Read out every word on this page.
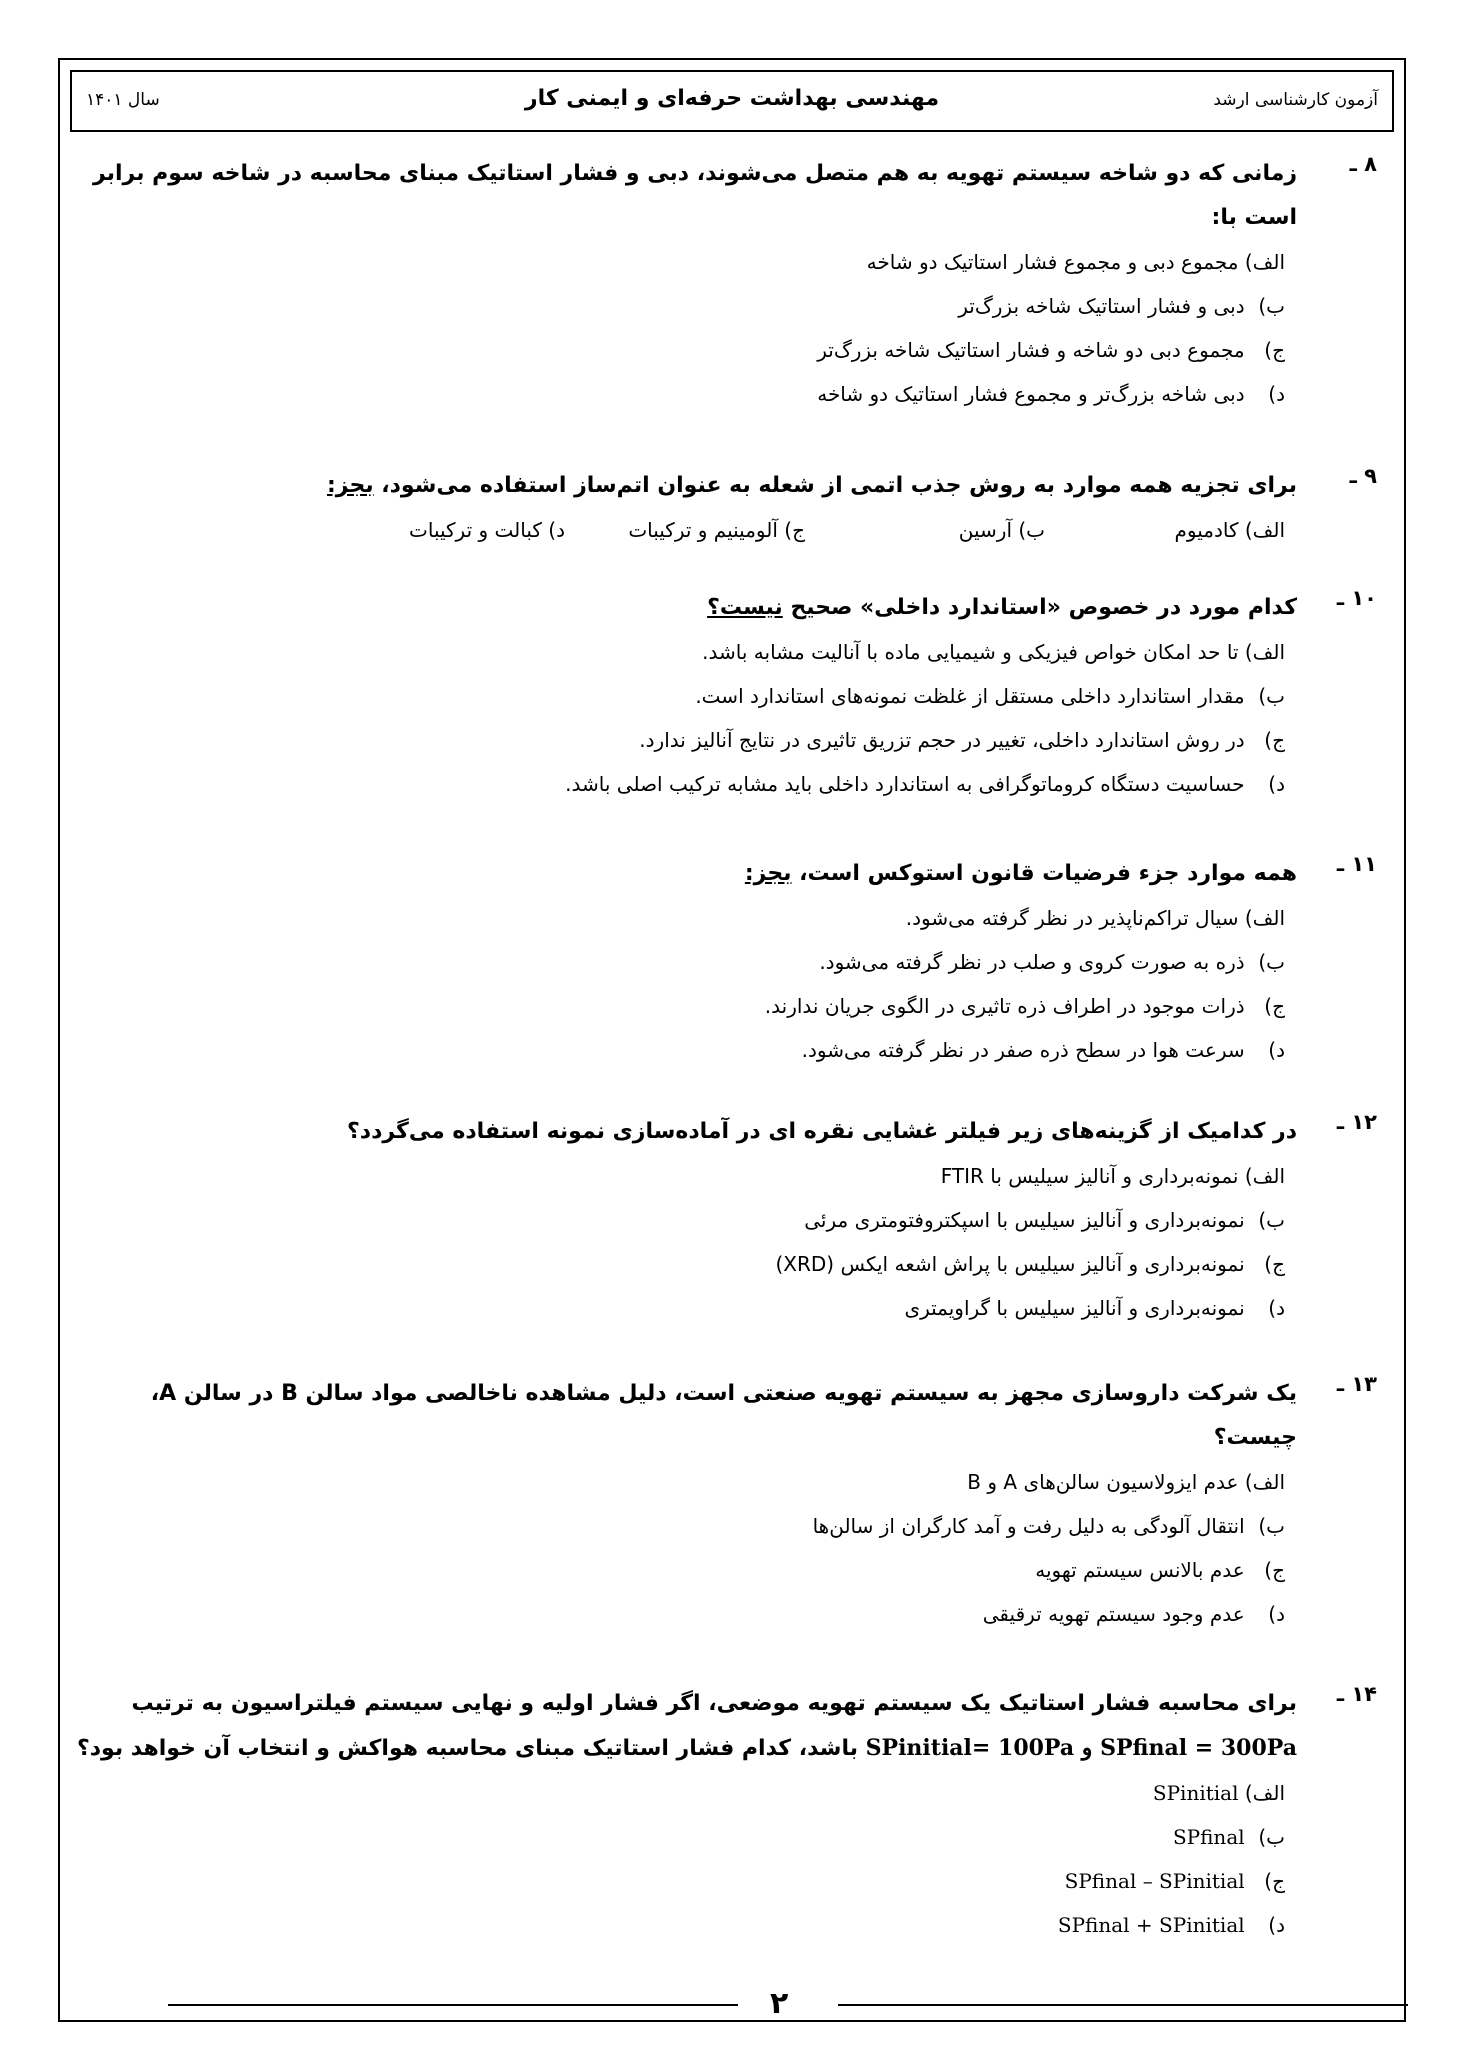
آزمون کارشناسی ارشد
مهندسی بهداشت حرفه‌ای و ایمنی کار
سال ۱۴۰۱
۸ ـ
زمانی که دو شاخه سیستم تهویه به هم متصل می‌شوند، دبی و فشار استاتیک مبنای محاسبه در شاخه سوم برابر است با:
الف) مجموع دبی و مجموع فشار استاتیک دو شاخه
ب) دبی و فشار استاتیک شاخه بزرگ‌تر
ج) مجموع دبی دو شاخه و فشار استاتیک شاخه بزرگ‌تر
د) دبی شاخه بزرگ‌تر و مجموع فشار استاتیک دو شاخه
۹ ـ
برای تجزیه همه موارد به روش جذب اتمی از شعله به عنوان اتم‌ساز استفاده می‌شود، بجز:
الف) کادمیوم
ب) آرسین
ج) آلومینیم و ترکیبات
د) کبالت و ترکیبات
۱۰ ـ
کدام مورد در خصوص «استاندارد داخلی» صحیح نیست؟
الف) تا حد امکان خواص فیزیکی و شیمیایی ماده با آنالیت مشابه باشد.
ب) مقدار استاندارد داخلی مستقل از غلظت نمونه‌های استاندارد است.
ج) در روش استاندارد داخلی، تغییر در حجم تزریق تاثیری در نتایج آنالیز ندارد.
د) حساسیت دستگاه کروماتوگرافی به استاندارد داخلی باید مشابه ترکیب اصلی باشد.
۱۱ ـ
همه موارد جزء فرضیات قانون استوکس است، بجز:
الف) سیال تراکم‌ناپذیر در نظر گرفته می‌شود.
ب) ذره به صورت کروی و صلب در نظر گرفته می‌شود.
ج) ذرات موجود در اطراف ذره تاثیری در الگوی جریان ندارند.
د) سرعت هوا در سطح ذره صفر در نظر گرفته می‌شود.
۱۲ ـ
در کدامیک از گزینه‌های زیر فیلتر غشایی نقره ای در آماده‌سازی نمونه استفاده می‌گردد؟
الف) نمونه‌برداری و آنالیز سیلیس با FTIR
ب) نمونه‌برداری و آنالیز سیلیس با اسپکتروفتومتری مرئی
ج) نمونه‌برداری و آنالیز سیلیس با پراش اشعه ایکس (XRD)
د) نمونه‌برداری و آنالیز سیلیس با گراویمتری
۱۳ ـ
یک شرکت داروسازی مجهز به سیستم تهویه صنعتی است، دلیل مشاهده ناخالصی مواد سالن B در سالن A، چیست؟
الف) عدم ایزولاسیون سالن‌های A و B
ب) انتقال آلودگی به دلیل رفت و آمد کارگران از سالن‌ها
ج) عدم بالانس سیستم تهویه
د) عدم وجود سیستم تهویه ترقیقی
۱۴ ـ
برای محاسبه فشار استاتیک یک سیستم تهویه موضعی، اگر فشار اولیه و نهایی سیستم فیلتراسیون به ترتیب SPinitial= 100Pa و SPfinal = 300Pa باشد، کدام فشار استاتیک مبنای محاسبه هواکش و انتخاب آن خواهد بود؟
الف) SPinitial
ب) SPfinal
ج) SPfinal – SPinitial
د) SPfinal + SPinitial
۲
